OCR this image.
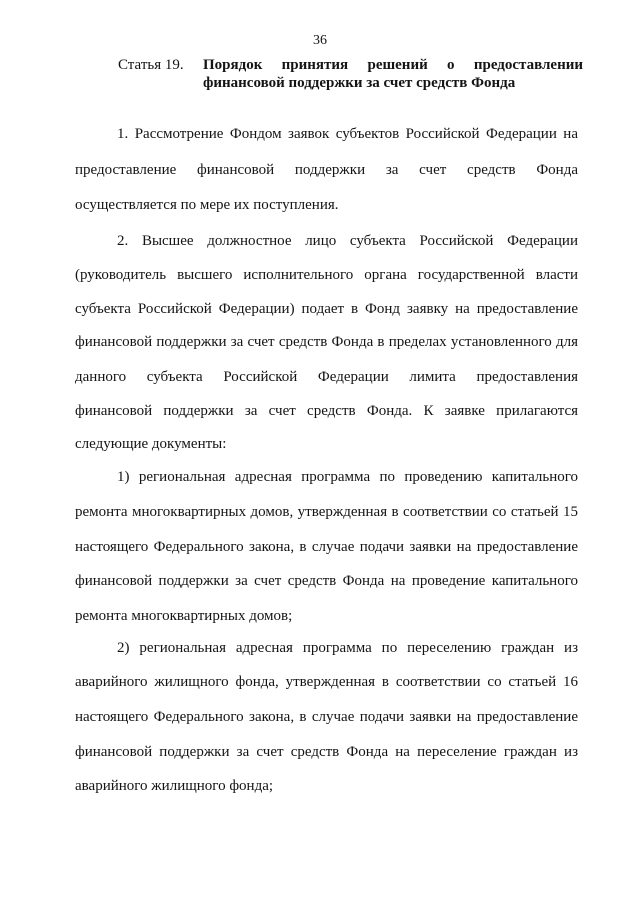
36
Статья 19. Порядок принятия решений о предоставлении
финансовой поддержки за счет средств Фонда
1. Рассмотрение Фондом заявок субъектов Российской Федерации на
предоставление финансовой поддержки за счет средств Фонда
осуществляется по мере их поступления.
2. Высшее должностное лицо субъекта Российской Федерации
(руководитель высшего исполнительного органа государственной власти
субъекта Российской Федерации) подает в Фонд заявку на предоставление
финансовой поддержки за счет средств Фонда в пределах установленного для
данного субъекта Российской Федерации лимита предоставления
финансовой поддержки за счет средств Фонда. К заявке прилагаются
следующие документы:
1) региональная адресная программа по проведению капитального
ремонта многоквартирных домов, утвержденная в соответствии со статьей 15
настоящего Федерального закона, в случае подачи заявки на предоставление
финансовой поддержки за счет средств Фонда на проведение капитального
ремонта многоквартирных домов;
2) региональная адресная программа по переселению граждан из
аварийного жилищного фонда, утвержденная в соответствии со статьей 16
настоящего Федерального закона, в случае подачи заявки на предоставление
финансовой поддержки за счет средств Фонда на переселение граждан из
аварийного жилищного фонда;
